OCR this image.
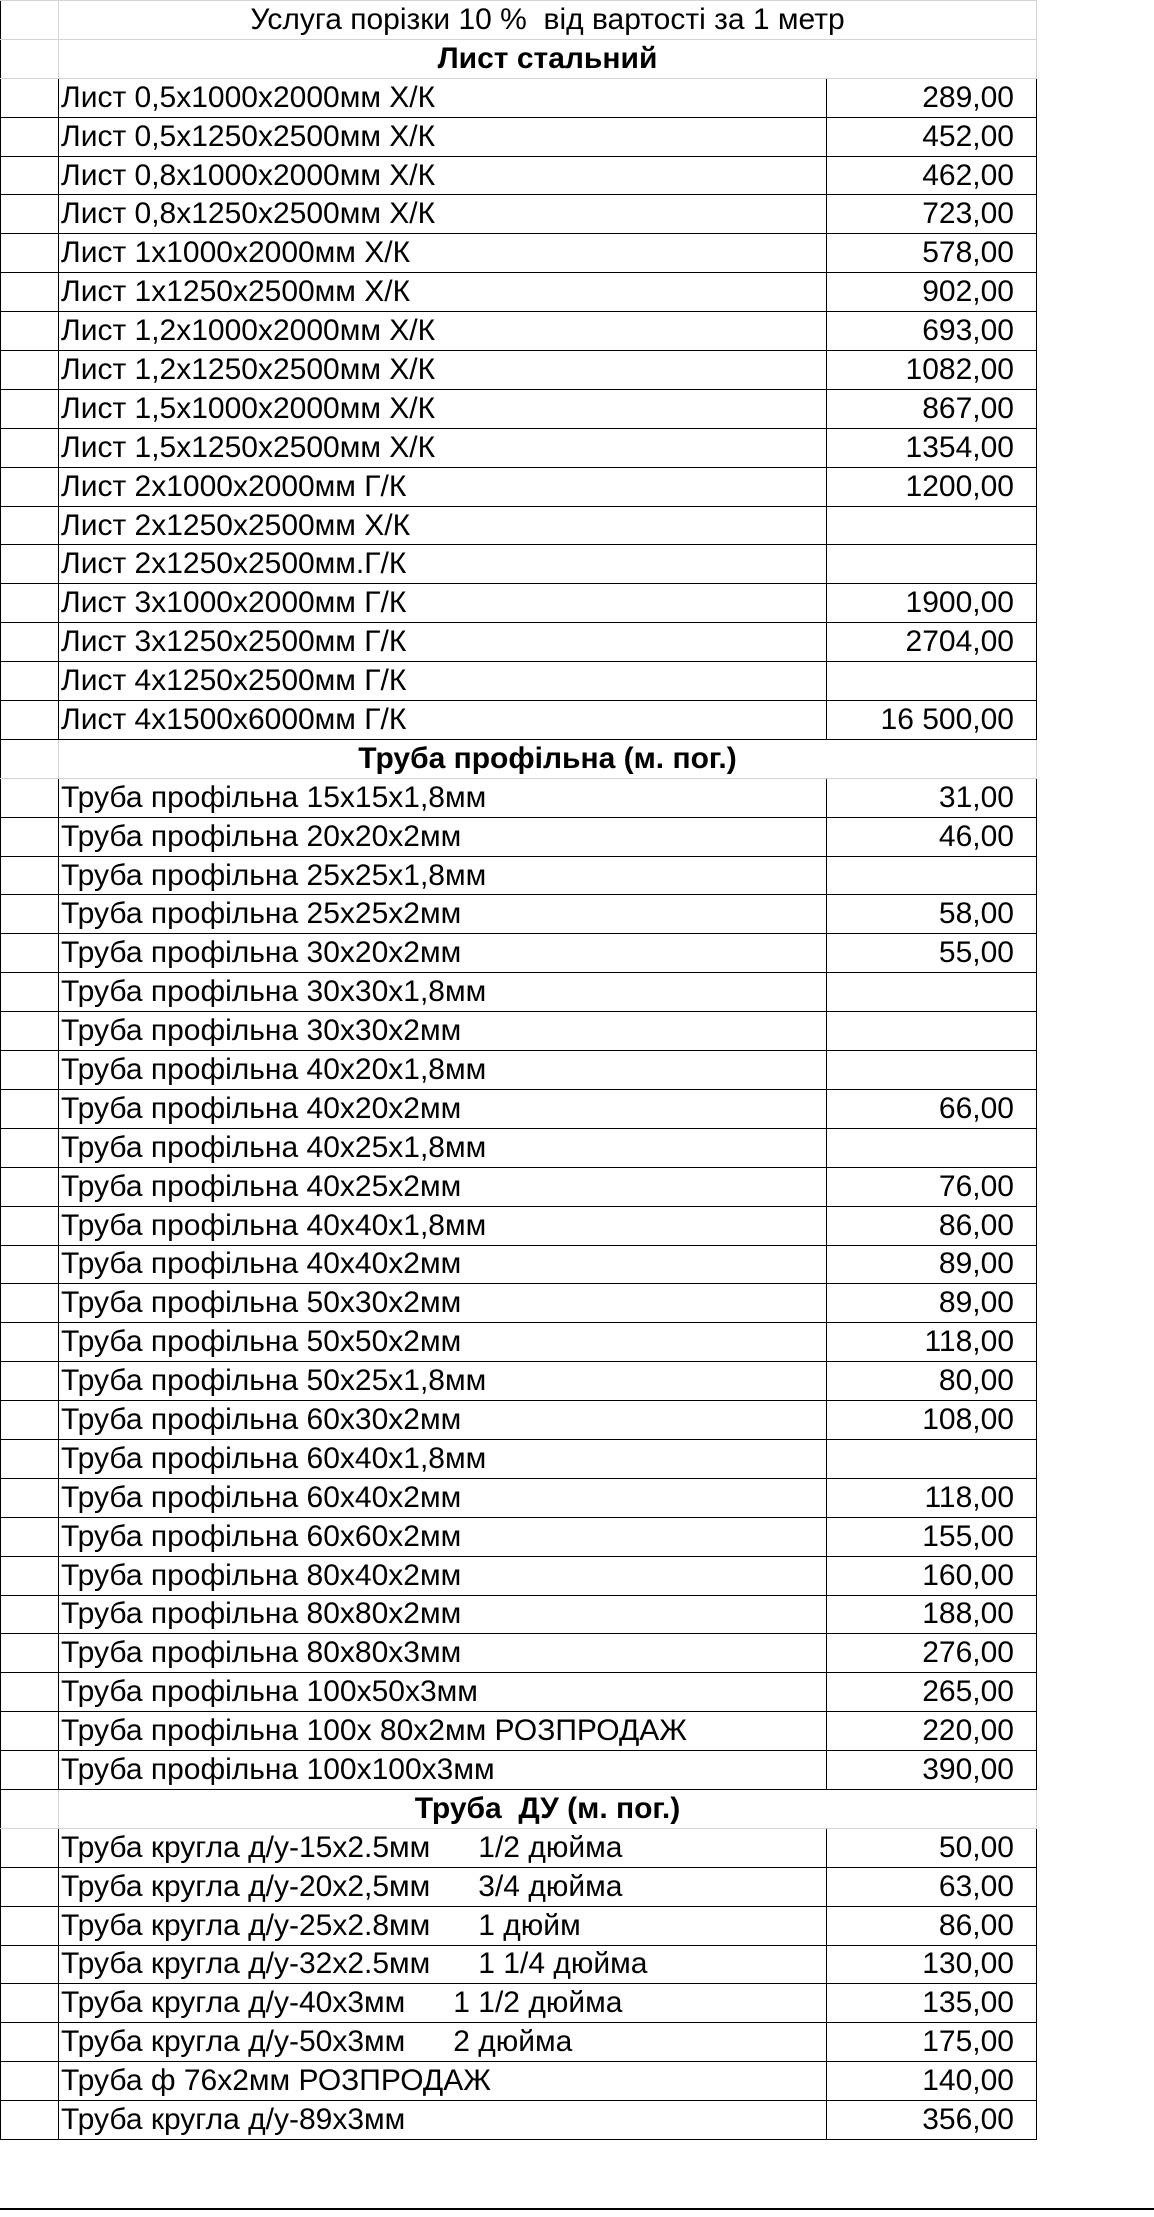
	Услуга порізки 10 %  від вартості за 1 метр	
	Лист стальний	
	Лист 0,5х1000х2000мм Х/К	289,00
	Лист 0,5х1250х2500мм Х/К	452,00
	Лист 0,8х1000х2000мм Х/К	462,00
	Лист 0,8х1250х2500мм Х/К	723,00
	Лист 1х1000х2000мм Х/К	578,00
	Лист 1х1250х2500мм Х/К	902,00
	Лист 1,2х1000х2000мм Х/К	693,00
	Лист 1,2х1250х2500мм Х/К	1082,00
	Лист 1,5х1000х2000мм Х/К	867,00
	Лист 1,5х1250х2500мм Х/К	1354,00
	Лист 2х1000х2000мм Г/К	1200,00
	Лист 2х1250х2500мм Х/К	
	Лист 2х1250х2500мм.Г/К	
	Лист 3х1000х2000мм Г/К	1900,00
	Лист 3х1250х2500мм Г/К	2704,00
	Лист 4х1250х2500мм Г/К	
	Лист 4х1500х6000мм Г/К	16 500,00
	Труба профільна (м. пог.)	
	Труба профільна 15х15х1,8мм	31,00
	Труба профільна 20х20х2мм	46,00
	Труба профільна 25х25х1,8мм	
	Труба профільна 25х25х2мм	58,00
	Труба профільна 30х20х2мм	55,00
	Труба профільна 30х30х1,8мм	
	Труба профільна 30х30х2мм	
	Труба профільна 40х20х1,8мм	
	Труба профільна 40х20х2мм	66,00
	Труба профільна 40х25х1,8мм	
	Труба профільна 40х25х2мм	76,00
	Труба профільна 40х40х1,8мм	86,00
	Труба профільна 40х40х2мм	89,00
	Труба профільна 50х30х2мм	89,00
	Труба профільна 50х50х2мм	118,00
	Труба профільна 50х25х1,8мм	80,00
	Труба профільна 60х30х2мм	108,00
	Труба профільна 60х40х1,8мм	
	Труба профільна 60х40х2мм	118,00
	Труба профільна 60х60х2мм	155,00
	Труба профільна 80х40х2мм	160,00
	Труба профільна 80х80х2мм	188,00
	Труба профільна 80х80х3мм	276,00
	Труба профільна 100х50х3мм	265,00
	Труба профільна 100х 80х2мм РОЗПРОДАЖ	220,00
	Труба профільна 100х100х3мм	390,00
	Труба  ДУ (м. пог.)	
	Труба кругла д/у-15х2.5мм 1/2 дюйма	50,00
	Труба кругла д/у-20х2,5мм 3/4 дюйма	63,00
	Труба кругла д/у-25х2.8мм 1 дюйм	86,00
	Труба кругла д/у-32х2.5мм 1 1/4 дюйма	130,00
	Труба кругла д/у-40х3мм 1 1/2 дюйма	135,00
	Труба кругла д/у-50х3мм 2 дюйма	175,00
	Труба ф 76х2мм РОЗПРОДАЖ	140,00
	Труба кругла д/у-89х3мм	356,00
